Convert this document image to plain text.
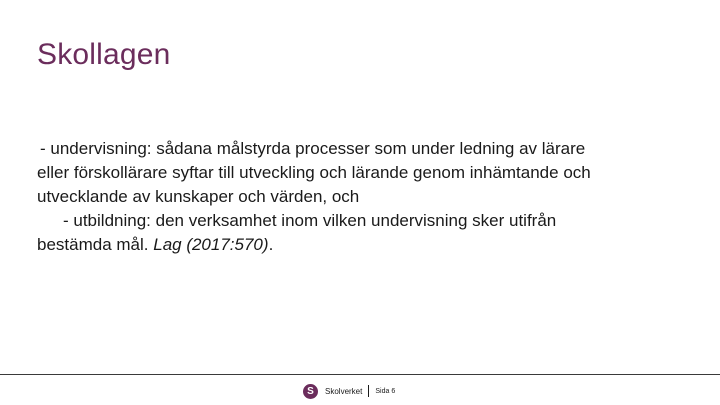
Skollagen
- undervisning: sådana målstyrda processer som under ledning av lärare
eller förskollärare syftar till utveckling och lärande genom inhämtande och
utvecklande av kunskaper och värden, och
- utbildning: den verksamhet inom vilken undervisning sker utifrån
bestämda mål. Lag (2017:570).
S	Skolverket Sida 6
